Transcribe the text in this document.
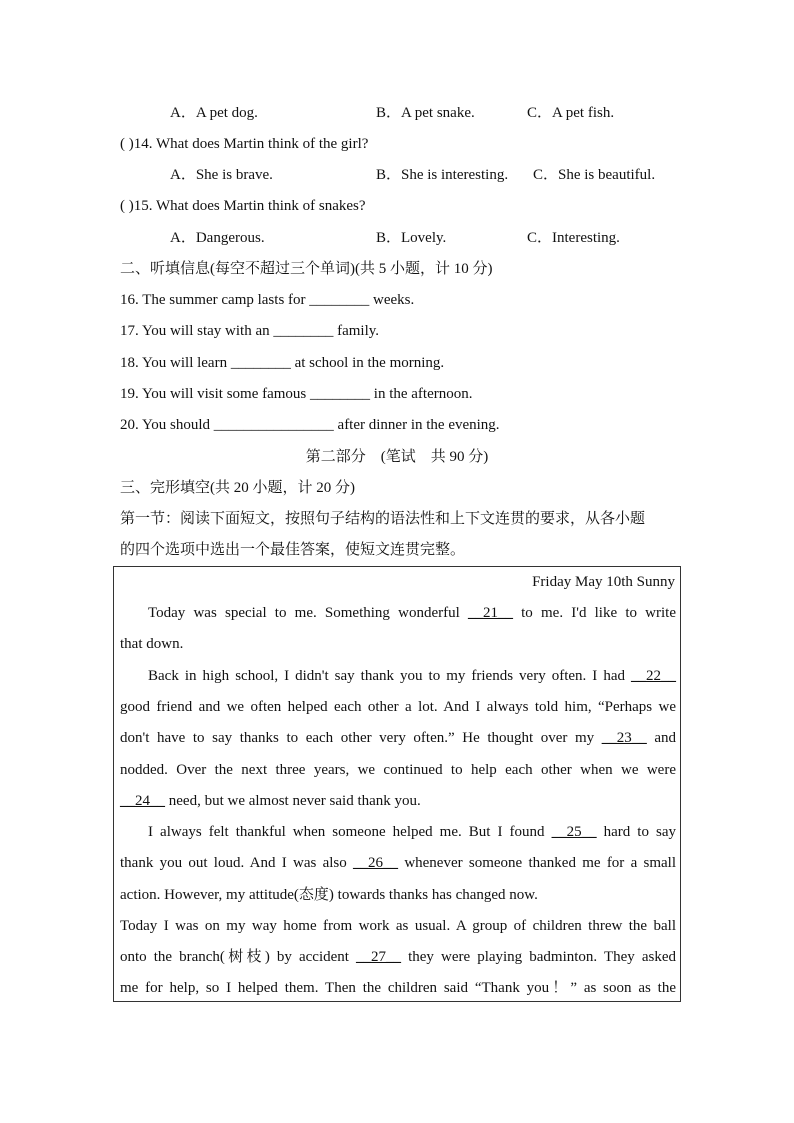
A．A pet dog.	B．A pet snake.	C．A pet fish.
( )14. What does Martin think of the girl?
A．She is brave.	B．She is interesting. C．She is beautiful.
( )15. What does Martin think of snakes?
A．Dangerous.	B．Lovely.	C．Interesting.
二、听填信息(每空不超过三个单词)(共 5 小题，计 10 分)
16. The summer camp lasts for ________ weeks.
17. You will stay with an ________ family.
18. You will learn ________ at school in the morning.
19. You will visit some famous ________ in the afternoon.
20. You should ________________ after dinner in the evening.
第二部分　(笔试　共 90 分)
三、完形填空(共 20 小题，计 20 分)
第一节：阅读下面短文，按照句子结构的语法性和上下文连贯的要求，从各小题
的四个选项中选出一个最佳答案，使短文连贯完整。
Friday May 10th Sunny
Today was special to me. Something wonderful __21__ to me. I'd like to write
that down.
Back in high school, I didn't say thank you to my friends very often. I had __22__
good friend and we often helped each other a lot. And I always told him, “Perhaps we
don't have to say thanks to each other very often.” He thought over my __23__ and
nodded. Over the next three years, we continued to help each other when we were
__24__ need, but we almost never said thank you.
I always felt thankful when someone helped me. But I found __25__ hard to say
thank you out loud. And I was also __26__ whenever someone thanked me for a small
action. However, my attitude(态度) towards thanks has changed now.
Today I was on my way home from work as usual. A group of children threw the ball
onto the branch(树枝) by accident __27__ they were playing badminton. They asked
me for help, so I helped them. Then the children said “Thank you！” as soon as the
